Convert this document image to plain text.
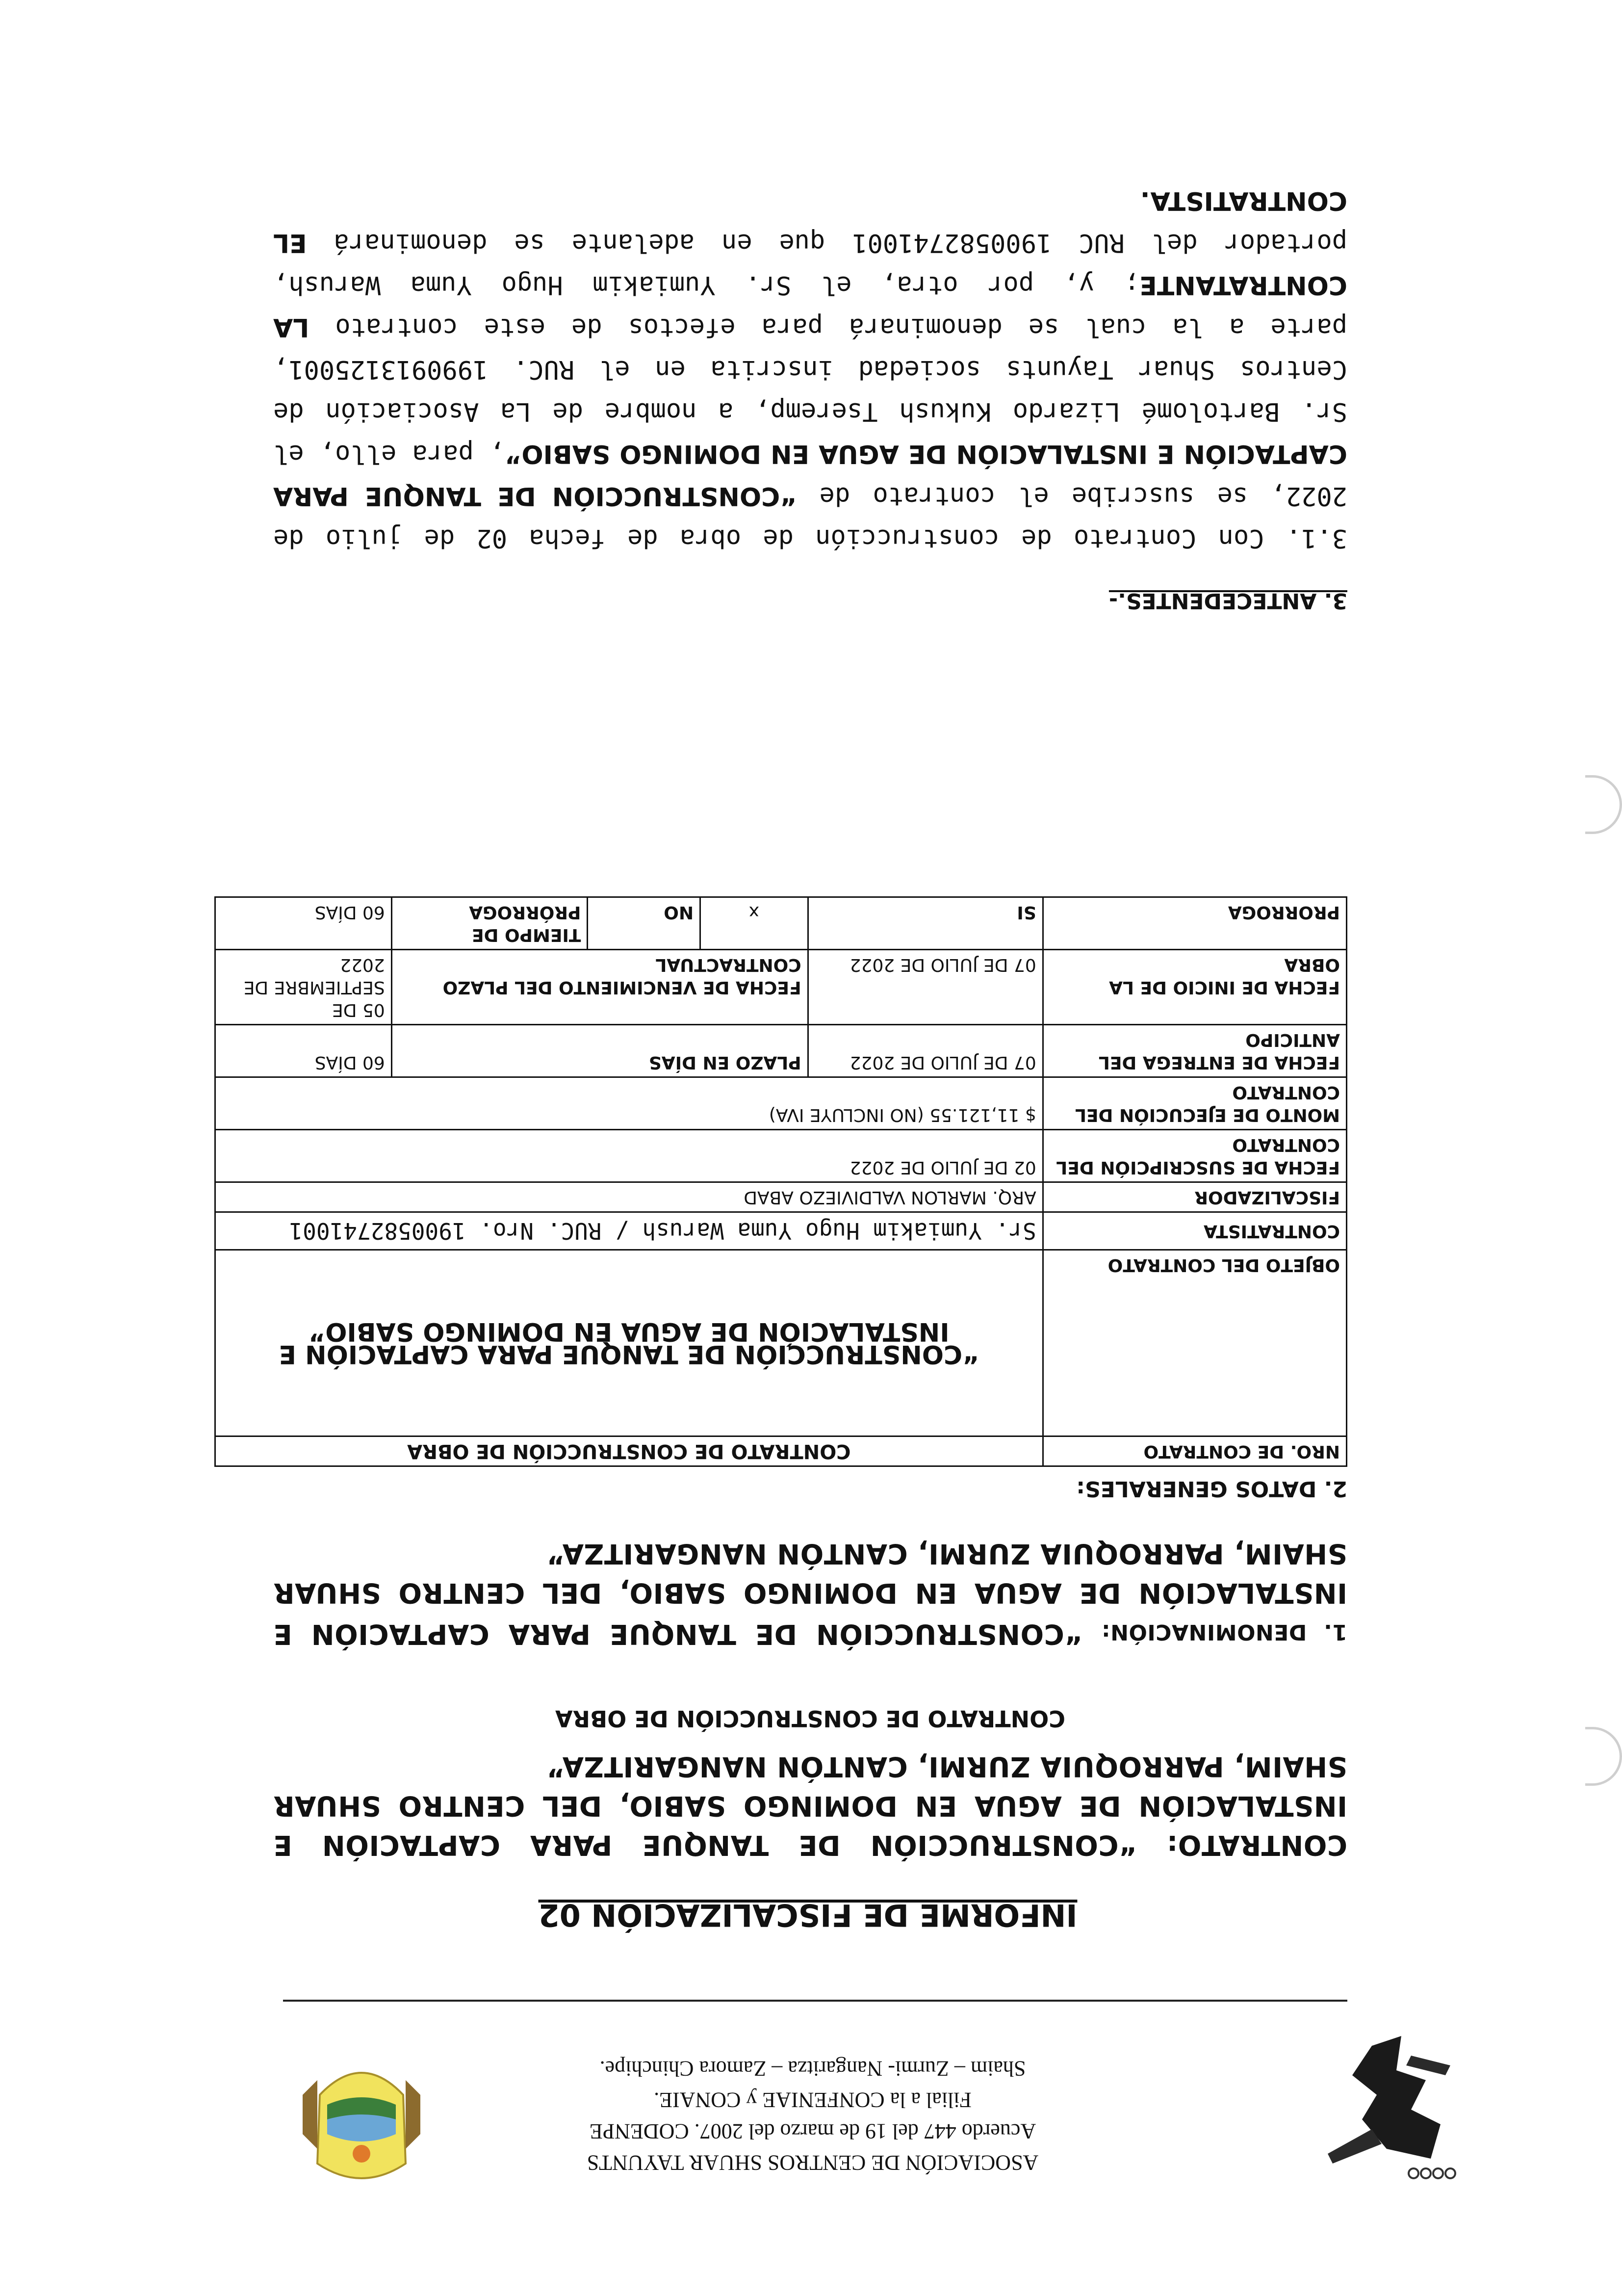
ASOCIACIÓN DE CENTROS SHUAR TAYUNTS
Acuerdo 447 del 19 de marzo del 2007. CODENPE
Filial a la CONFENIAE y CONAIE.
Shaim – Zurmi- Nangaritza – Zamora Chinchipe.
INFORME DE FISCALIZACIÓN 02
CONTRATO: “CONSTRUCCIÓN DE TANQUE PARA CAPTACIÓN E INSTALACIÓN DE AGUA EN DOMINGO SABIO, DEL CENTRO SHUAR SHAIM, PARROQUIA ZURMI, CANTÓN NANGARITZA”
CONTRATO DE CONSTRUCCIÓN DE OBRA
1. DENOMINACIÓN: “CONSTRUCCIÓN DE TANQUE PARA CAPTACIÓN E INSTALACIÓN DE AGUA EN DOMINGO SABIO, DEL CENTRO SHUAR SHAIM, PARROQUIA ZURMI, CANTÓN NANGARITZA”
2. DATOS GENERALES:
NRO. DE CONTRATO	CONTRATO DE CONSTRUCCIÓN DE OBRA				
OBJETO DEL CONTRATO	“CONSTRUCCIÓN DE TANQUE PARA CAPTACIÓN E INSTALACIÓN DE AGUA EN DOMINGO SABIO”				
CONTRATISTA	Sr. Yumiakim Hugo Yuma Warush / RUC. Nro. 1900582741001				
FISCALIZADOR	ARQ. MARLON VALDIVIEZO ABAD				
FECHA DE SUSCRIPCIÓN DEL CONTRATO	02 DE JULIO DE 2022				
MONTO DE EJECUCIÓN DEL CONTRATO	$ 11,121.55 (NO INCLUYE IVA)				
FECHA DE ENTREGA DEL ANTICIPO	07 DE JULIO DE 2022	PLAZO EN DÍAS			60 DÍAS
FECHA DE INICIO DE LA OBRA	07 DE JULIO DE 2022	FECHA DE VENCIMIENTO DEL PLAZO CONTRACTUAL			05 DE SEPTIEMBRE DE 2022
PRORROGA	SI	x	NO	TIEMPO DE PRÓRROGA	60 DÍAS
3. ANTECEDENTES.-
3.1. Con Contrato de construcción de obra de fecha 02 de julio de 2022, se suscribe el contrato de “CONSTRUCCIÓN DE TANQUE PARA CAPTACIÓN E INSTALACIÓN DE AGUA EN DOMINGO SABIO”, para ello, el Sr. Bartolomé Lizardo Kukush Tseremp, a nombre de La Asociación de Centros Shuar Tayunts sociedad inscrita en el RUC. 1990913125001, parte a la cual se denominará para efectos de este contrato LA CONTRATANTE; y, por otra, el Sr. Yumiakim Hugo Yuma Warush, portador del RUC 1900582741001 que en adelante se denominará EL CONTRATISTA.
